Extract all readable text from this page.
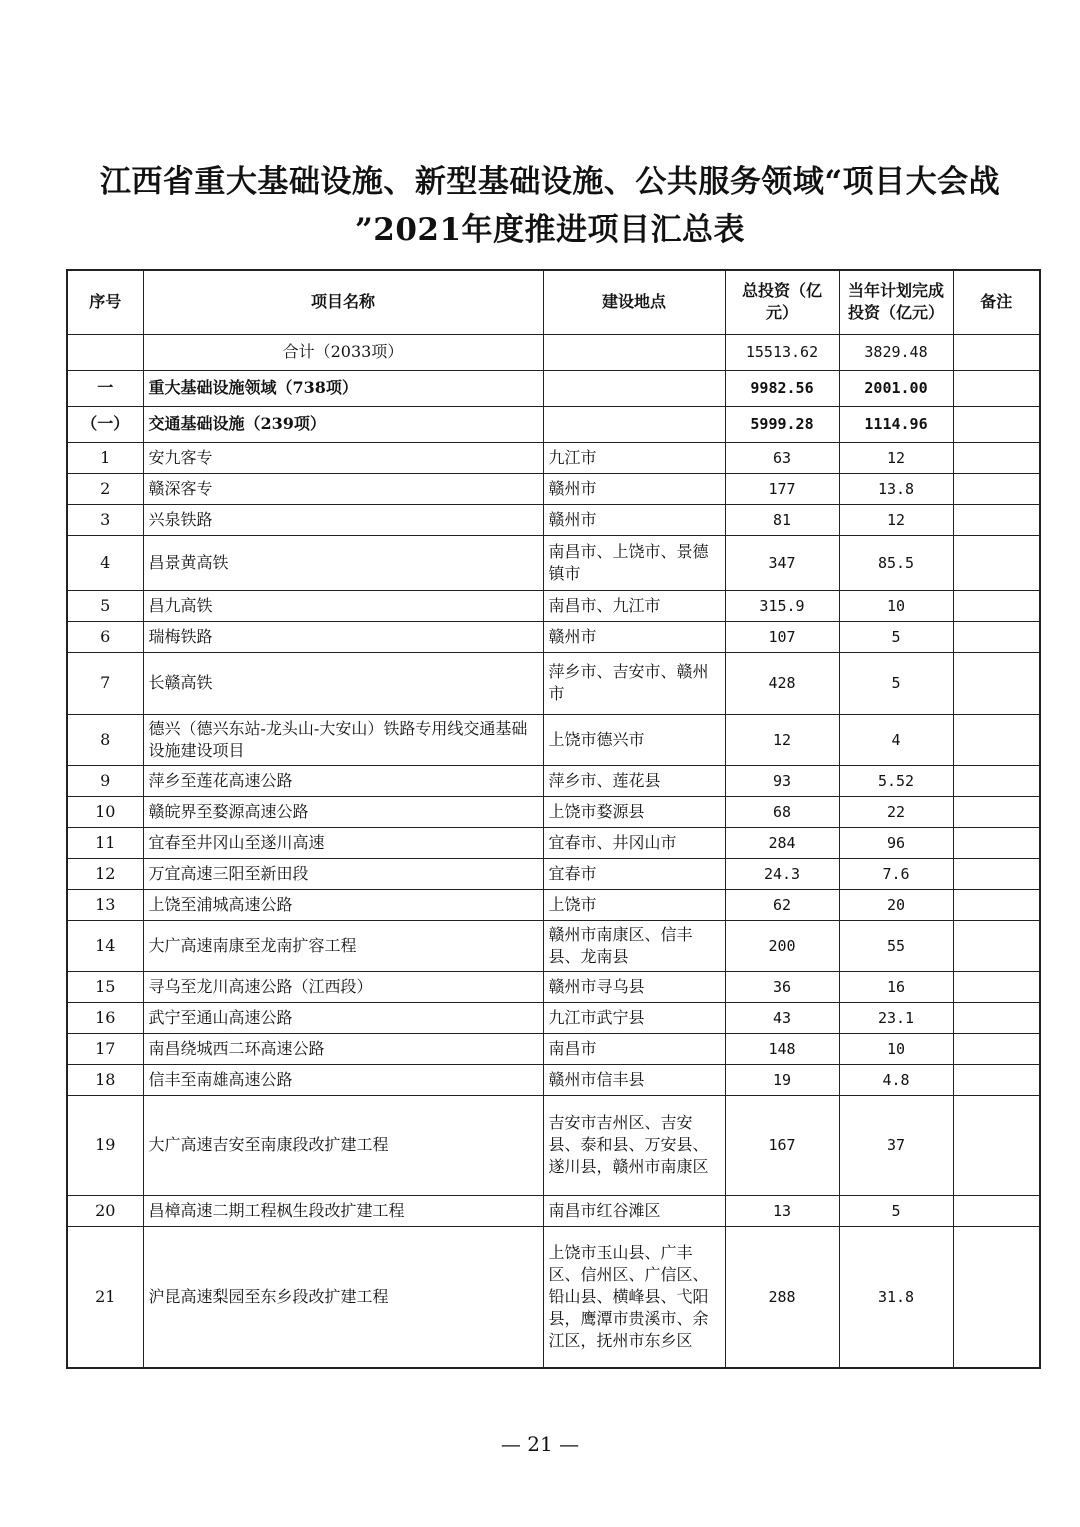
江西省重大基础设施、新型基础设施、公共服务领域“项目大会战
”2021年度推进项目汇总表
序号	项目名称	建设地点	总投资（亿元）	当年计划完成投资（亿元）	备注
	合计（2033项）		15513.62	3829.48	
一	重大基础设施领域（738项）		9982.56	2001.00	
（一）	交通基础设施（239项）		5999.28	1114.96	
1	安九客专	九江市	63	12	
2	赣深客专	赣州市	177	13.8	
3	兴泉铁路	赣州市	81	12	
4	昌景黄高铁	南昌市、上饶市、景德镇市	347	85.5	
5	昌九高铁	南昌市、九江市	315.9	10	
6	瑞梅铁路	赣州市	107	5	
7	长赣高铁	萍乡市、吉安市、赣州市	428	5	
8	德兴（德兴东站-龙头山-大安山）铁路专用线交通基础设施建设项目	上饶市德兴市	12	4	
9	萍乡至莲花高速公路	萍乡市、莲花县	93	5.52	
10	赣皖界至婺源高速公路	上饶市婺源县	68	22	
11	宜春至井冈山至遂川高速	宜春市、井冈山市	284	96	
12	万宜高速三阳至新田段	宜春市	24.3	7.6	
13	上饶至浦城高速公路	上饶市	62	20	
14	大广高速南康至龙南扩容工程	赣州市南康区、信丰县、龙南县	200	55	
15	寻乌至龙川高速公路（江西段）	赣州市寻乌县	36	16	
16	武宁至通山高速公路	九江市武宁县	43	23.1	
17	南昌绕城西二环高速公路	南昌市	148	10	
18	信丰至南雄高速公路	赣州市信丰县	19	4.8	
19	大广高速吉安至南康段改扩建工程	吉安市吉州区、吉安县、泰和县、万安县、遂川县，赣州市南康区	167	37	
20	昌樟高速二期工程枫生段改扩建工程	南昌市红谷滩区	13	5	
21	沪昆高速梨园至东乡段改扩建工程	上饶市玉山县、广丰区、信州区、广信区、铅山县、横峰县、弋阳县，鹰潭市贵溪市、余江区，抚州市东乡区	288	31.8	
— 21 —
